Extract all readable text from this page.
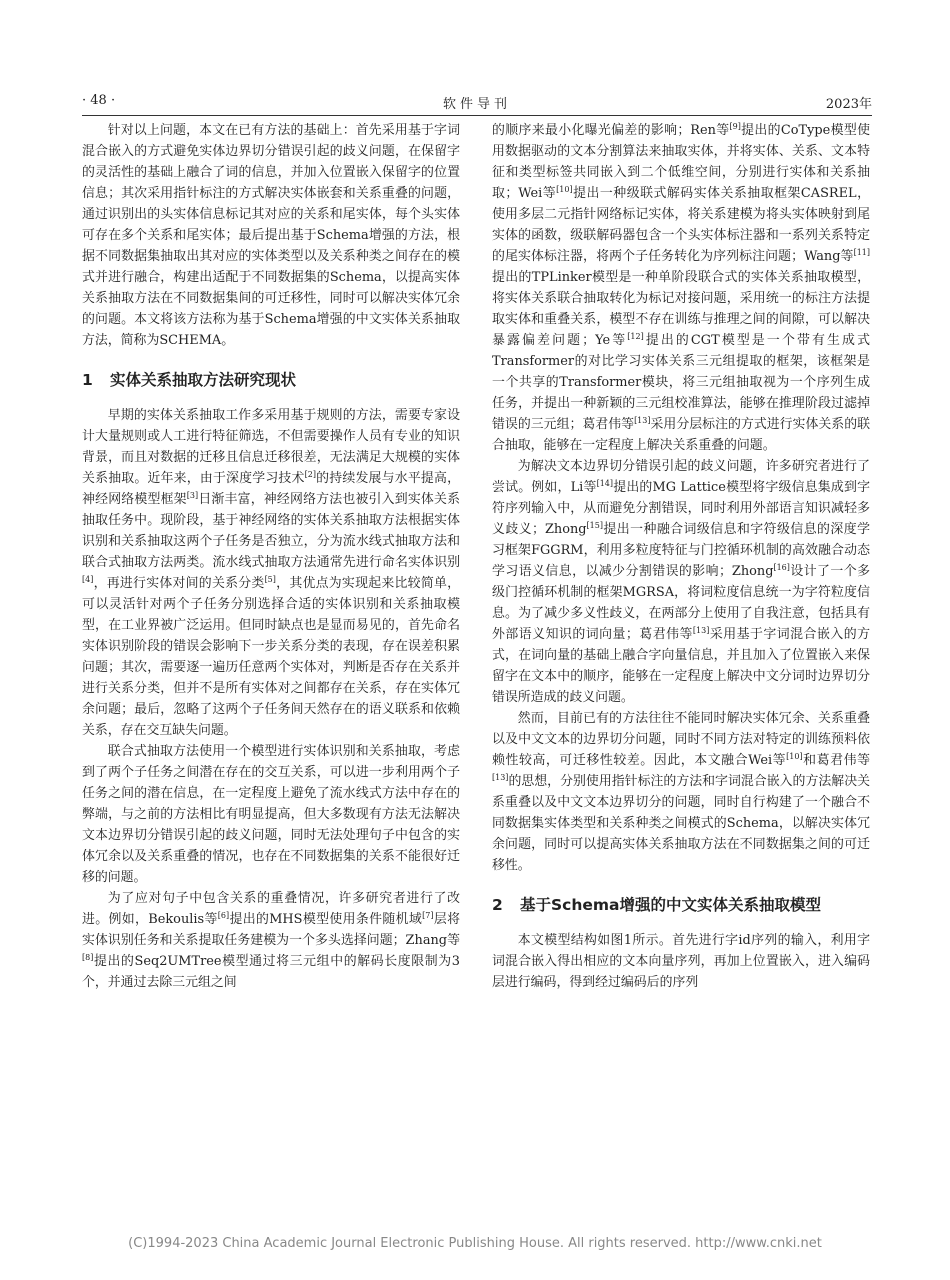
· 48 ·	软件导刊	2023年

针对以上问题，本文在已有方法的基础上：首先采用基于字词混合嵌入的方式避免实体边界切分错误引起的歧义问题，在保留字的灵活性的基础上融合了词的信息，并加入位置嵌入保留字的位置信息；其次采用指针标注的方式解决实体嵌套和关系重叠的问题，通过识别出的头实体信息标记其对应的关系和尾实体，每个头实体可存在多个关系和尾实体；最后提出基于Schema增强的方法，根据不同数据集抽取出其对应的实体类型以及关系种类之间存在的模式并进行融合，构建出适配于不同数据集的Schema，以提高实体关系抽取方法在不同数据集间的可迁移性，同时可以解决实体冗余的问题。本文将该方法称为基于Schema增强的中文实体关系抽取方法，简称为SCHEMA。

1 实体关系抽取方法研究现状

早期的实体关系抽取工作多采用基于规则的方法，需要专家设计大量规则或人工进行特征筛选，不但需要操作人员有专业的知识背景，而且对数据的迁移且信息迁移很差，无法满足大规模的实体关系抽取。近年来，由于深度学习技术[2]的持续发展与水平提高，神经网络模型框架[3]日渐丰富，神经网络方法也被引入到实体关系抽取任务中。现阶段，基于神经网络的实体关系抽取方法根据实体识别和关系抽取这两个子任务是否独立，分为流水线式抽取方法和联合式抽取方法两类。流水线式抽取方法通常先进行命名实体识别[4]，再进行实体对间的关系分类[5]，其优点为实现起来比较简单，可以灵活针对两个子任务分别选择合适的实体识别和关系抽取模型，在工业界被广泛运用。但同时缺点也是显而易见的，首先命名实体识别阶段的错误会影响下一步关系分类的表现，存在误差积累问题；其次，需要逐一遍历任意两个实体对，判断是否存在关系并进行关系分类，但并不是所有实体对之间都存在关系，存在实体冗余问题；最后，忽略了这两个子任务间天然存在的语义联系和依赖关系，存在交互缺失问题。

联合式抽取方法使用一个模型进行实体识别和关系抽取，考虑到了两个子任务之间潜在存在的交互关系，可以进一步利用两个子任务之间的潜在信息，在一定程度上避免了流水线式方法中存在的弊端，与之前的方法相比有明显提高，但大多数现有方法无法解决文本边界切分错误引起的歧义问题，同时无法处理句子中包含的实体冗余以及关系重叠的情况，也存在不同数据集的关系不能很好迁移的问题。

为了应对句子中包含关系的重叠情况，许多研究者进行了改进。例如，Bekoulis等[6]提出的MHS模型使用条件随机域[7]层将实体识别任务和关系提取任务建模为一个多头选择问题；Zhang等[8]提出的Seq2UMTree模型通过将三元组中的解码长度限制为3个，并通过去除三元组之间

的顺序来最小化曝光偏差的影响；Ren等[9]提出的CoType模型使用数据驱动的文本分割算法来抽取实体，并将实体、关系、文本特征和类型标签共同嵌入到二个低维空间，分别进行实体和关系抽取；Wei等[10]提出一种级联式解码实体关系抽取框架CASREL，使用多层二元指针网络标记实体，将关系建模为将头实体映射到尾实体的函数，级联解码器包含一个头实体标注器和一系列关系特定的尾实体标注器，将两个子任务转化为序列标注问题；Wang等[11]提出的TPLinker模型是一种单阶段联合式的实体关系抽取模型，将实体关系联合抽取转化为标记对接问题，采用统一的标注方法提取实体和重叠关系，模型不存在训练与推理之间的间隙，可以解决暴露偏差问题；Ye等[12]提出的CGT模型是一个带有生成式Transformer的对比学习实体关系三元组提取的框架，该框架是一个共享的Transformer模块，将三元组抽取视为一个序列生成任务，并提出一种新颖的三元组校准算法，能够在推理阶段过滤掉错误的三元组；葛君伟等[13]采用分层标注的方式进行实体关系的联合抽取，能够在一定程度上解决关系重叠的问题。

为解决文本边界切分错误引起的歧义问题，许多研究者进行了尝试。例如，Li等[14]提出的MG Lattice模型将字级信息集成到字符序列输入中，从而避免分割错误，同时利用外部语言知识减轻多义歧义；Zhong[15]提出一种融合词级信息和字符级信息的深度学习框架FGGRM，利用多粒度特征与门控循环机制的高效融合动态学习语义信息，以减少分割错误的影响；Zhong[16]设计了一个多级门控循环机制的框架MGRSA，将词粒度信息统一为字符粒度信息。为了减少多义性歧义，在两部分上使用了自我注意，包括具有外部语义知识的词向量；葛君伟等[13]采用基于字词混合嵌入的方式，在词向量的基础上融合字向量信息，并且加入了位置嵌入来保留字在文本中的顺序，能够在一定程度上解决中文分词时边界切分错误所造成的歧义问题。

然而，目前已有的方法往往不能同时解决实体冗余、关系重叠以及中文文本的边界切分问题，同时不同方法对特定的训练预料依赖性较高，可迁移性较差。因此，本文融合Wei等[10]和葛君伟等[13]的思想，分别使用指针标注的方法和字词混合嵌入的方法解决关系重叠以及中文文本边界切分的问题，同时自行构建了一个融合不同数据集实体类型和关系种类之间模式的Schema，以解决实体冗余问题，同时可以提高实体关系抽取方法在不同数据集之间的可迁移性。

2 基于Schema增强的中文实体关系抽取模型

本文模型结构如图1所示。首先进行字id序列的输入，利用字词混合嵌入得出相应的文本向量序列，再加上位置嵌入，进入编码层进行编码，得到经过编码后的序列

(C)1994-2023 China Academic Journal Electronic Publishing House. All rights reserved. http://www.cnki.net
